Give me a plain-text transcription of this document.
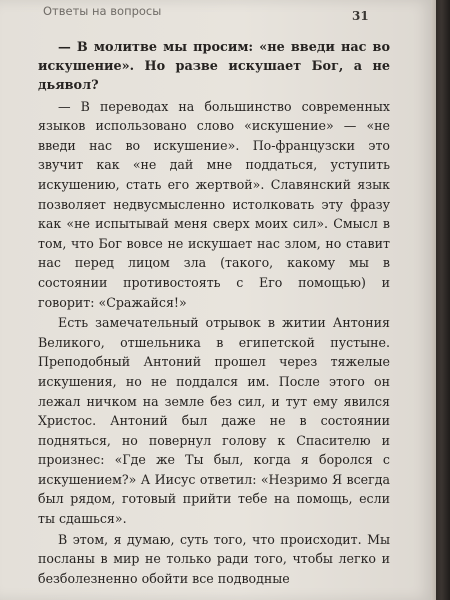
Ответы на вопросы	31

— В молитве мы просим: «не введи нас во искушение». Но разве искушает Бог, а не дьявол?

— В переводах на большинство современных языков использовано слово «искушение» — «не введи нас во искушение». По-французски это звучит как «не дай мне поддаться, уступить искушению, стать его жертвой». Славянский язык позволяет недвусмысленно истолковать эту фразу как «не испытывай меня сверх моих сил». Смысл в том, что Бог вовсе не искушает нас злом, но ставит нас перед лицом зла (такого, какому мы в состоянии противостоять с Его помощью) и говорит: «Сражайся!»

Есть замечательный отрывок в житии Антония Великого, отшельника в египетской пустыне. Преподобный Антоний прошел через тяжелые искушения, но не поддался им. После этого он лежал ничком на земле без сил, и тут ему явился Христос. Антоний был даже не в состоянии подняться, но повернул голову к Спасителю и произнес: «Где же Ты был, когда я боролся с искушением?» А Иисус ответил: «Незримо Я всегда был рядом, готовый прийти тебе на помощь, если ты сдашься».

В этом, я думаю, суть того, что происходит. Мы посланы в мир не только ради того, чтобы легко и безболезненно обойти все подводные
